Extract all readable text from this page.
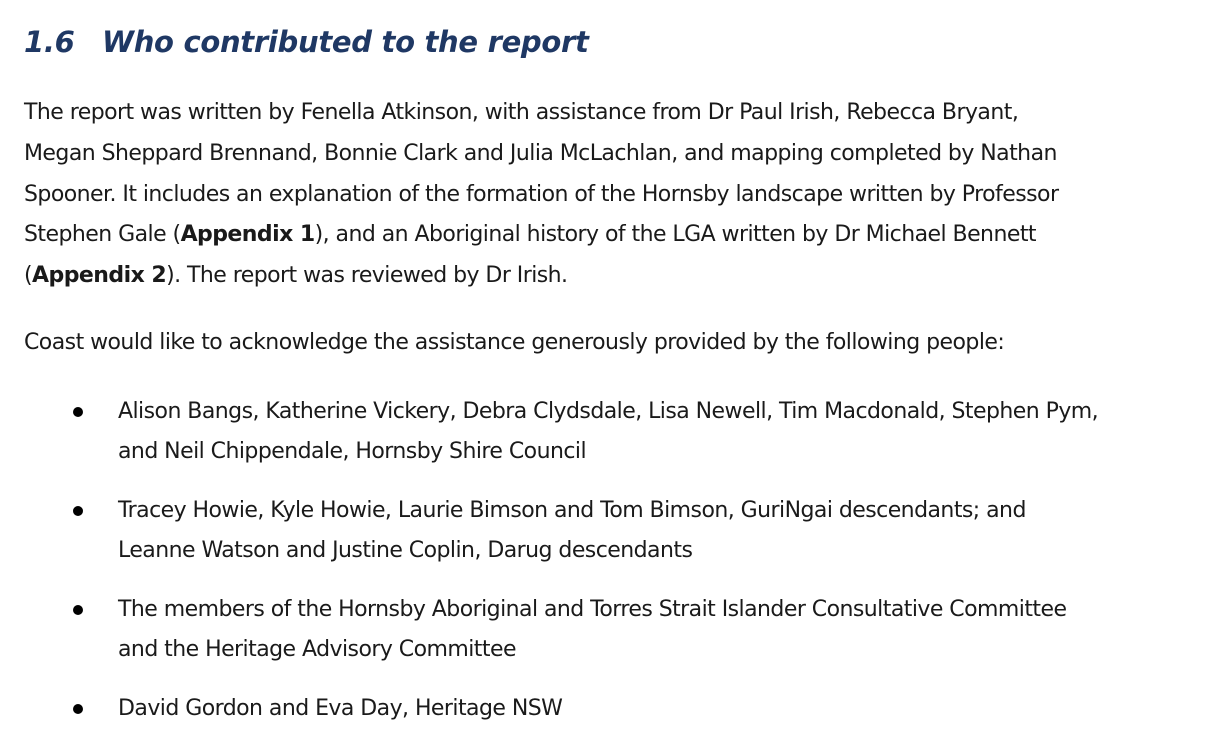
1.6 Who contributed to the report

The report was written by Fenella Atkinson, with assistance from Dr Paul Irish, Rebecca Bryant,
Megan Sheppard Brennand, Bonnie Clark and Julia McLachlan, and mapping completed by Nathan
Spooner. It includes an explanation of the formation of the Hornsby landscape written by Professor
Stephen Gale (Appendix 1), and an Aboriginal history of the LGA written by Dr Michael Bennett
(Appendix 2). The report was reviewed by Dr Irish.

Coast would like to acknowledge the assistance generously provided by the following people:

Alison Bangs, Katherine Vickery, Debra Clydsdale, Lisa Newell, Tim Macdonald, Stephen Pym,
and Neil Chippendale, Hornsby Shire Council
Tracey Howie, Kyle Howie, Laurie Bimson and Tom Bimson, GuriNgai descendants; and
Leanne Watson and Justine Coplin, Darug descendants
The members of the Hornsby Aboriginal and Torres Strait Islander Consultative Committee
and the Heritage Advisory Committee
David Gordon and Eva Day, Heritage NSW
